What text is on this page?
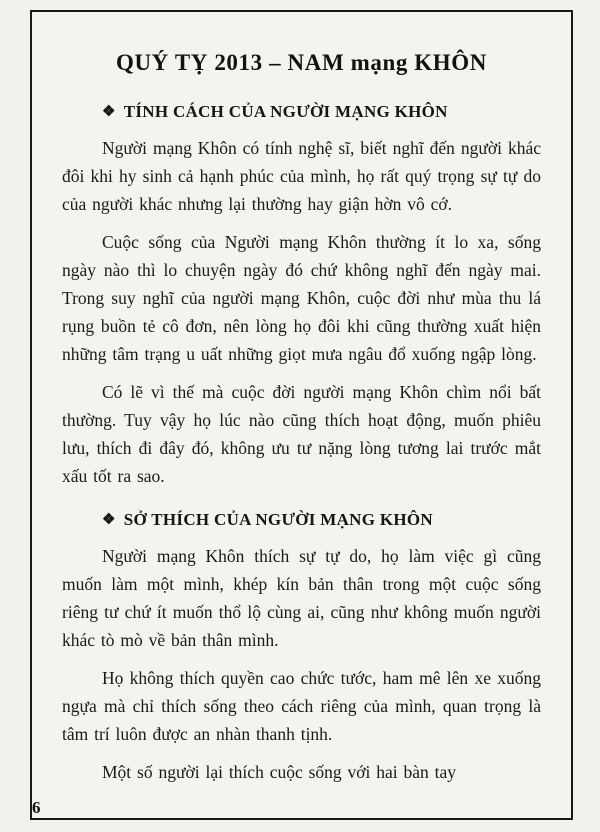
QUÝ TỴ 2013 – NAM mạng KHÔN
❖ TÍNH CÁCH CỦA NGƯỜI MẠNG KHÔN

Người mạng Khôn có tính nghệ sĩ, biết nghĩ đến người khác đôi khi hy sinh cả hạnh phúc của mình, họ rất quý trọng sự tự do của người khác nhưng lại thường hay giận hờn vô cớ.

Cuộc sống của Người mạng Khôn thường ít lo xa, sống ngày nào thì lo chuyện ngày đó chứ không nghĩ đến ngày mai. Trong suy nghĩ của người mạng Khôn, cuộc đời như mùa thu lá rụng buồn tẻ cô đơn, nên lòng họ đôi khi cũng thường xuất hiện những tâm trạng u uất những giọt mưa ngâu đổ xuống ngập lòng.

Có lẽ vì thế mà cuộc đời người mạng Khôn chìm nổi bất thường. Tuy vậy họ lúc nào cũng thích hoạt động, muốn phiêu lưu, thích đi đây đó, không ưu tư nặng lòng tương lai trước mắt xấu tốt ra sao.

❖ SỞ THÍCH CỦA NGƯỜI MẠNG KHÔN

Người mạng Khôn thích sự tự do, họ làm việc gì cũng muốn làm một mình, khép kín bản thân trong một cuộc sống riêng tư chứ ít muốn thổ lộ cùng ai, cũng như không muốn người khác tò mò về bản thân mình.

Họ không thích quyền cao chức tước, ham mê lên xe xuống ngựa mà chỉ thích sống theo cách riêng của mình, quan trọng là tâm trí luôn được an nhàn thanh tịnh.

Một số người lại thích cuộc sống với hai bàn tay

6
